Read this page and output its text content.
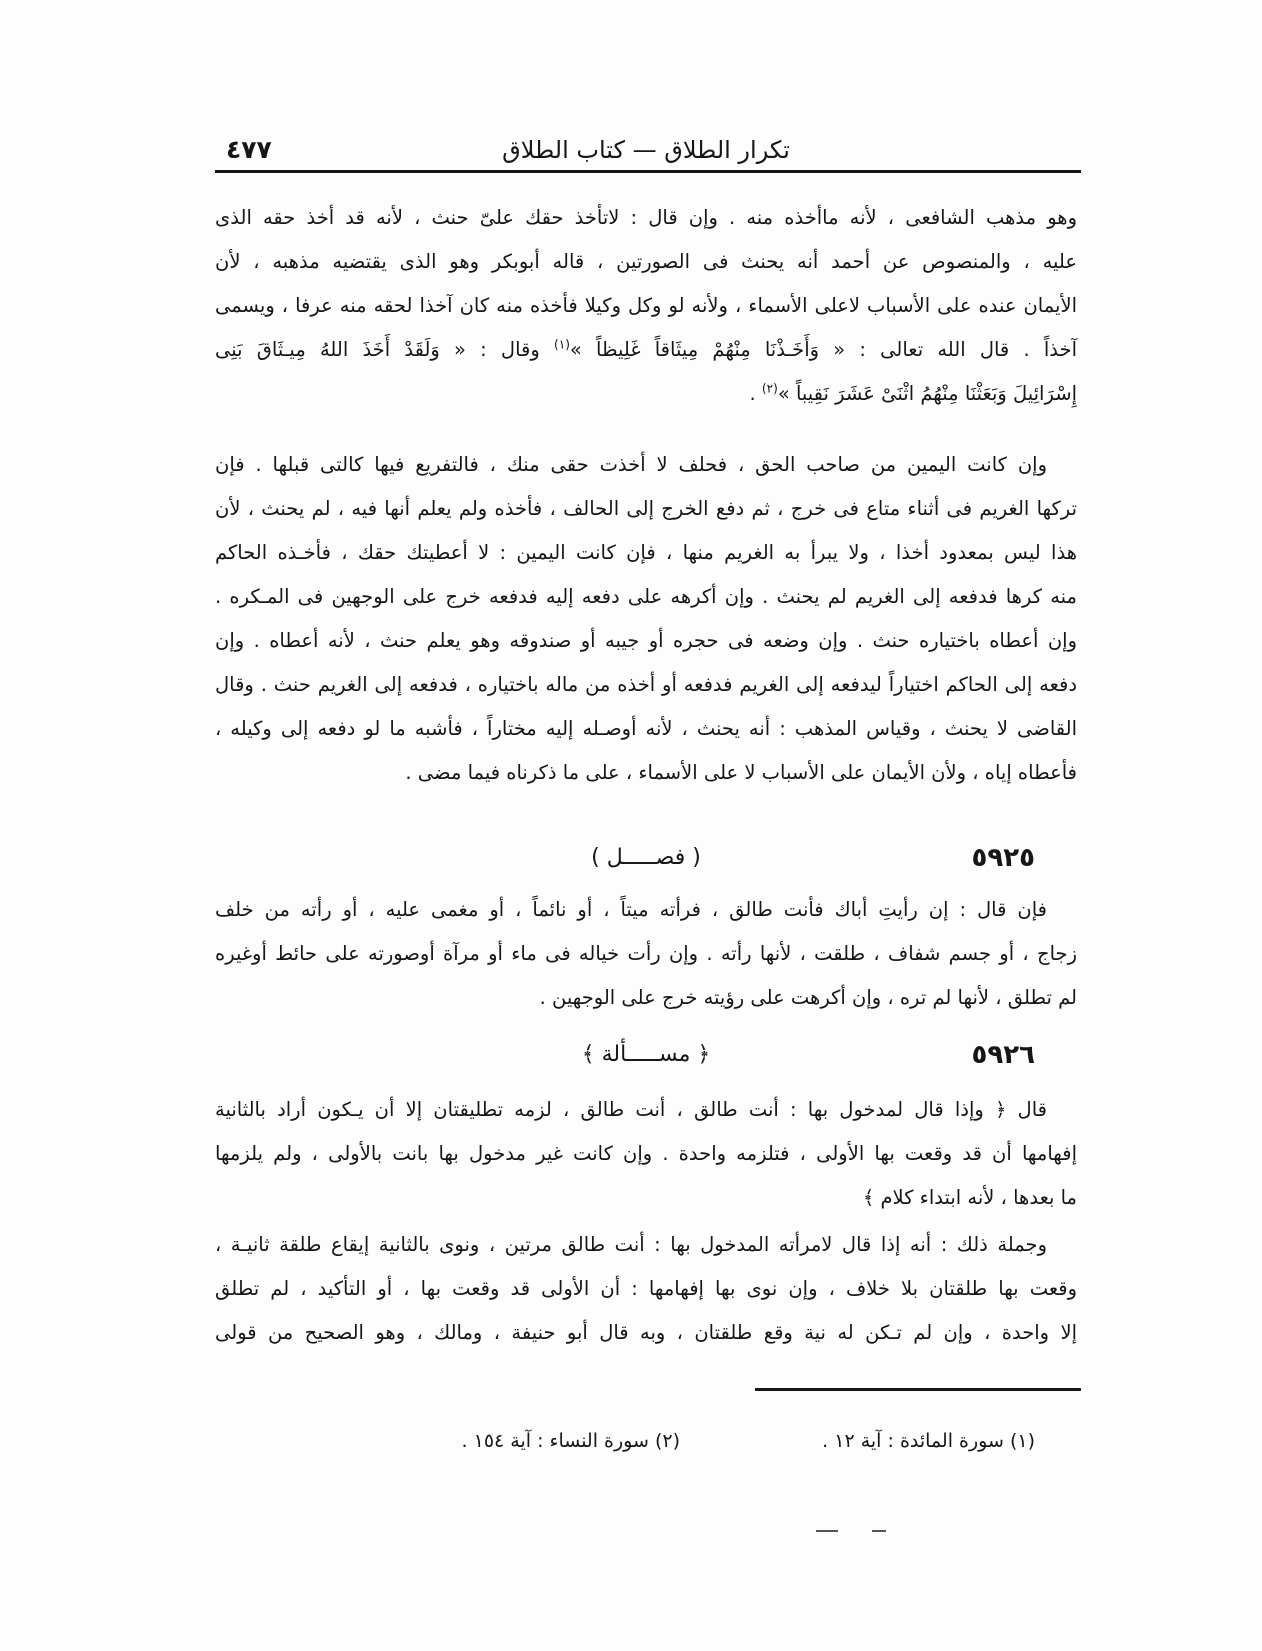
تكرار الطلاق — كتاب الطلاق
٤٧٧
وهو مذهب الشافعى ، لأنه ماأخذه منه . وإن قال : لاتأخذ حقك علىّ حنث ، لأنه قد أخذ حقه الذى
عليه ، والمنصوص عن أحمد أنه يحنث فى الصورتين ، قاله أبوبكر وهو الذى يقتضيه مذهبه ، لأن
الأيمان عنده على الأسباب لاعلى الأسماء ، ولأنه لو وكل وكيلا فأخذه منه كان آخذا لحقه منه عرفا ، ويسمى
آخذاً . قال الله تعالى : « وَأَخَـذْنَا مِنْهُمْ مِيثَاقاً غَلِيظاً »$^{(١)}$ وقال : « وَلَقَدْ أَخَذَ اللهُ مِيـثَاقَ بَنِى
إِسْرَائِيلَ وَبَعَثْنَا مِنْهُمُ اثْنَىْ عَشَرَ نَقِيباً »$^{(٢)}$ .
وإن كانت اليمين من صاحب الحق ، فحلف لا أخذت حقى منك ، فالتفريع فيها كالتى قبلها . فإن
تركها الغريم فى أثناء متاع فى خرج ، ثم دفع الخرج إلى الحالف ، فأخذه ولم يعلم أنها فيه ، لم يحنث ، لأن
هذا ليس بمعدود أخذا ، ولا يبرأ به الغريم منها ، فإن كانت اليمين : لا أعطيتك حقك ، فأخـذه الحاكم
منه كرها فدفعه إلى الغريم لم يحنث . وإن أكرهه على دفعه إليه فدفعه خرج على الوجهين فى المـكره .
وإن أعطاه باختياره حنث . وإن وضعه فى حجره أو جيبه أو صندوقه وهو يعلم حنث ، لأنه أعطاه . وإن
دفعه إلى الحاكم اختياراً ليدفعه إلى الغريم فدفعه أو أخذه من ماله باختياره ، فدفعه إلى الغريم حنث . وقال
القاضى لا يحنث ، وقياس المذهب : أنه يحنث ، لأنه أوصـله إليه مختاراً ، فأشبه ما لو دفعه إلى وكيله ،
فأعطاه إياه ، ولأن الأيمان على الأسباب لا على الأسماء ، على ما ذكرناه فيما مضى .
( فصـــــل )	٥٩٢٥
فإن قال : إن رأيتِ أباك فأنت طالق ، فرأته ميتاً ، أو نائماً ، أو مغمى عليه ، أو رأته من خلف
زجاج ، أو جسم شفاف ، طلقت ، لأنها رأته . وإن رأت خياله فى ماء أو مرآة أوصورته على حائط أوغيره
لم تطلق ، لأنها لم تره ، وإن أكرهت على رؤيته خرج على الوجهين .
﴿ مســـــألة ﴾	٥٩٢٦
قال ﴿ وإذا قال لمدخول بها : أنت طالق ، أنت طالق ، لزمه تطليقتان إلا أن يـكون أراد بالثانية
إفهامها أن قد وقعت بها الأولى ، فتلزمه واحدة . وإن كانت غير مدخول بها بانت بالأولى ، ولم يلزمها
ما بعدها ، لأنه ابتداء كلام ﴾
وجملة ذلك : أنه إذا قال لامرأته المدخول بها : أنت طالق مرتين ، ونوى بالثانية إيقاع طلقة ثانيـة ،
وقعت بها طلقتان بلا خلاف ، وإن نوى بها إفهامها : أن الأولى قد وقعت بها ، أو التأكيد ، لم تطلق
إلا واحدة ، وإن لم تـكن له نية وقع طلقتان ، وبه قال أبو حنيفة ، ومالك ، وهو الصحيح من قولى
(١) سورة المائدة : آية ١٢ .
(٢) سورة النساء : آية ١٥٤ .
